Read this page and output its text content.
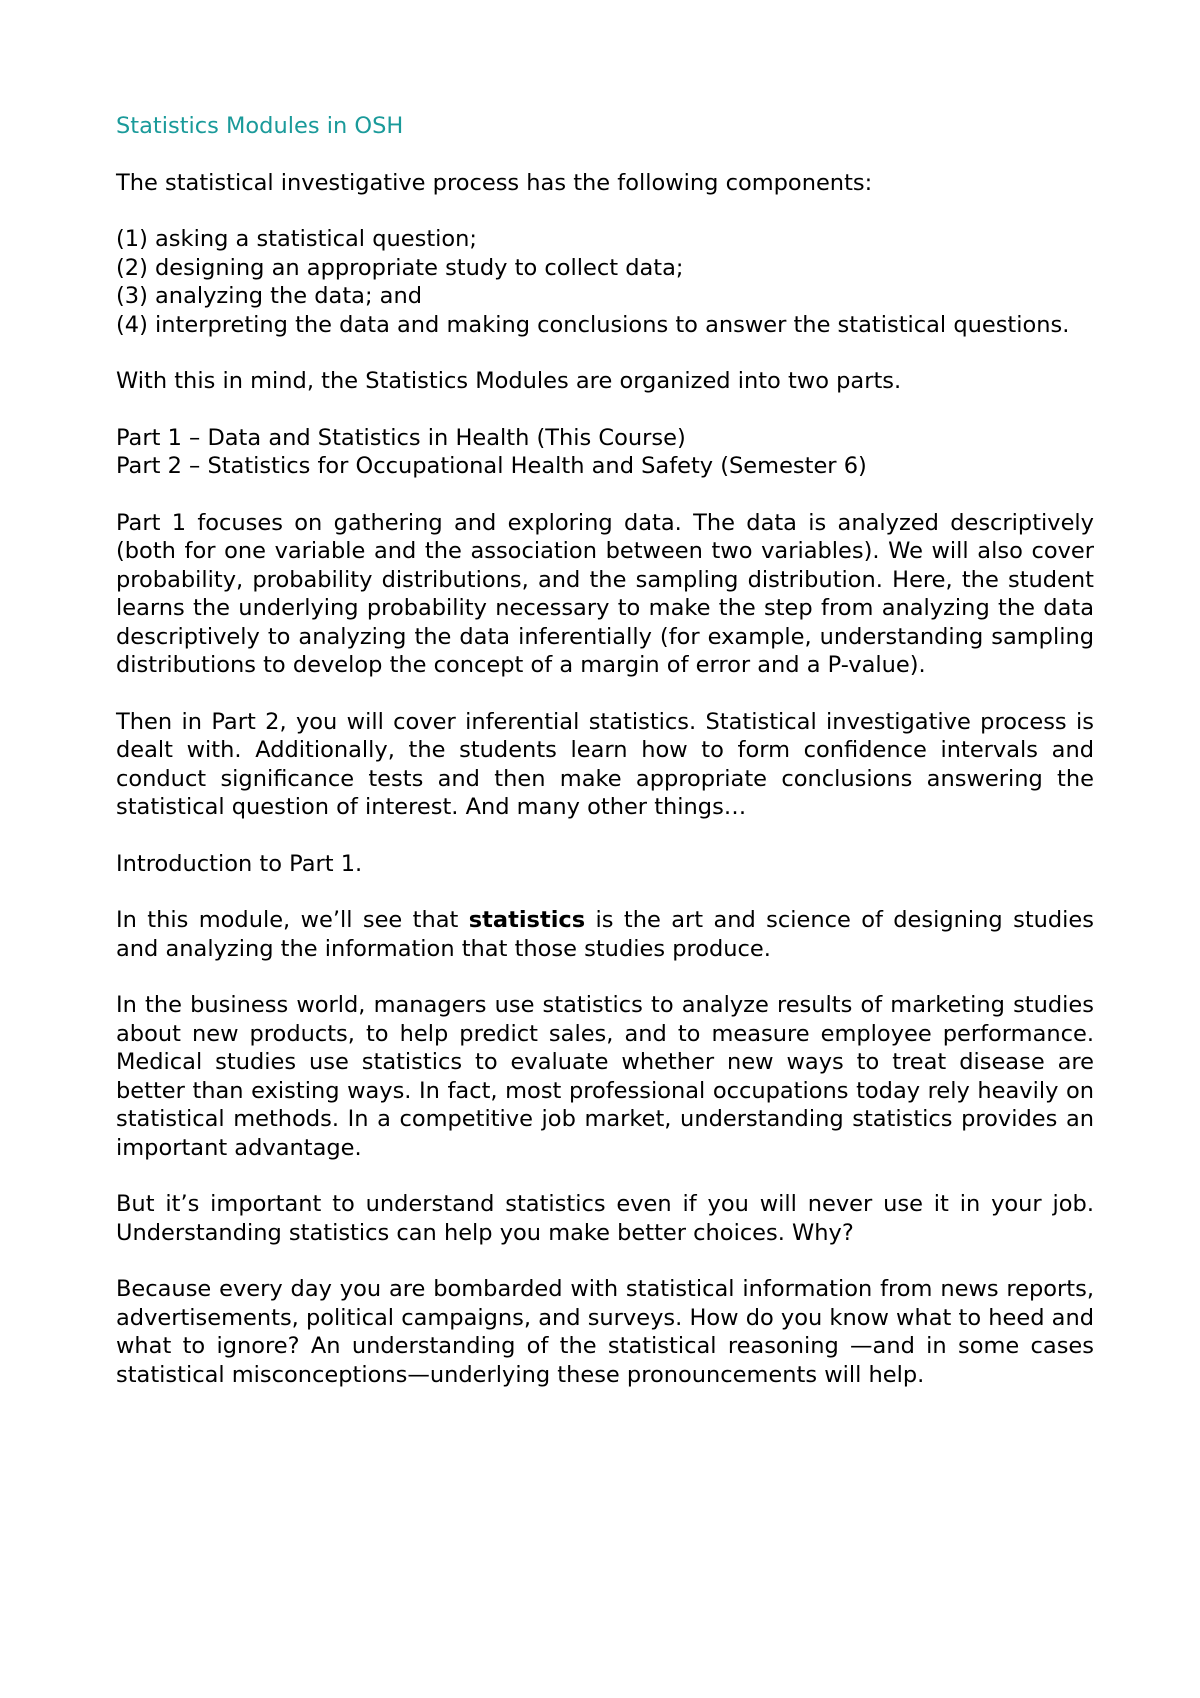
Statistics Modules in OSH

The statistical investigative process has the following components:

(1) asking a statistical question;
(2) designing an appropriate study to collect data;
(3) analyzing the data; and
(4) interpreting the data and making conclusions to answer the statistical questions.

With this in mind, the Statistics Modules are organized into two parts.

Part 1 – Data and Statistics in Health (This Course)
Part 2 – Statistics for Occupational Health and Safety (Semester 6)

Part 1 focuses on gathering and exploring data. The data is analyzed descriptively (both for one variable and the association between two variables). We will also cover probability, probability distributions, and the sampling distribution. Here, the student learns the underlying probability necessary to make the step from analyzing the data descriptively to analyzing the data inferentially (for example, understanding sampling distributions to develop the concept of a margin of error and a P-value).

Then in Part 2, you will cover inferential statistics. Statistical investigative process is dealt with. Additionally, the students learn how to form confidence intervals and conduct significance tests and then make appropriate conclusions answering the statistical question of interest. And many other things…

Introduction to Part 1.

In this module, we’ll see that statistics is the art and science of designing studies and analyzing the information that those studies produce.

In the business world, managers use statistics to analyze results of marketing studies about new products, to help predict sales, and to measure employee performance. Medical studies use statistics to evaluate whether new ways to treat disease are better than existing ways. In fact, most professional occupations today rely heavily on statistical methods. In a competitive job market, understanding statistics provides an important advantage.

But it’s important to understand statistics even if you will never use it in your job. Understanding statistics can help you make better choices. Why?

Because every day you are bombarded with statistical information from news reports, advertisements, political campaigns, and surveys. How do you know what to heed and what to ignore? An understanding of the statistical reasoning —and in some cases statistical misconceptions—underlying these pronouncements will help.
